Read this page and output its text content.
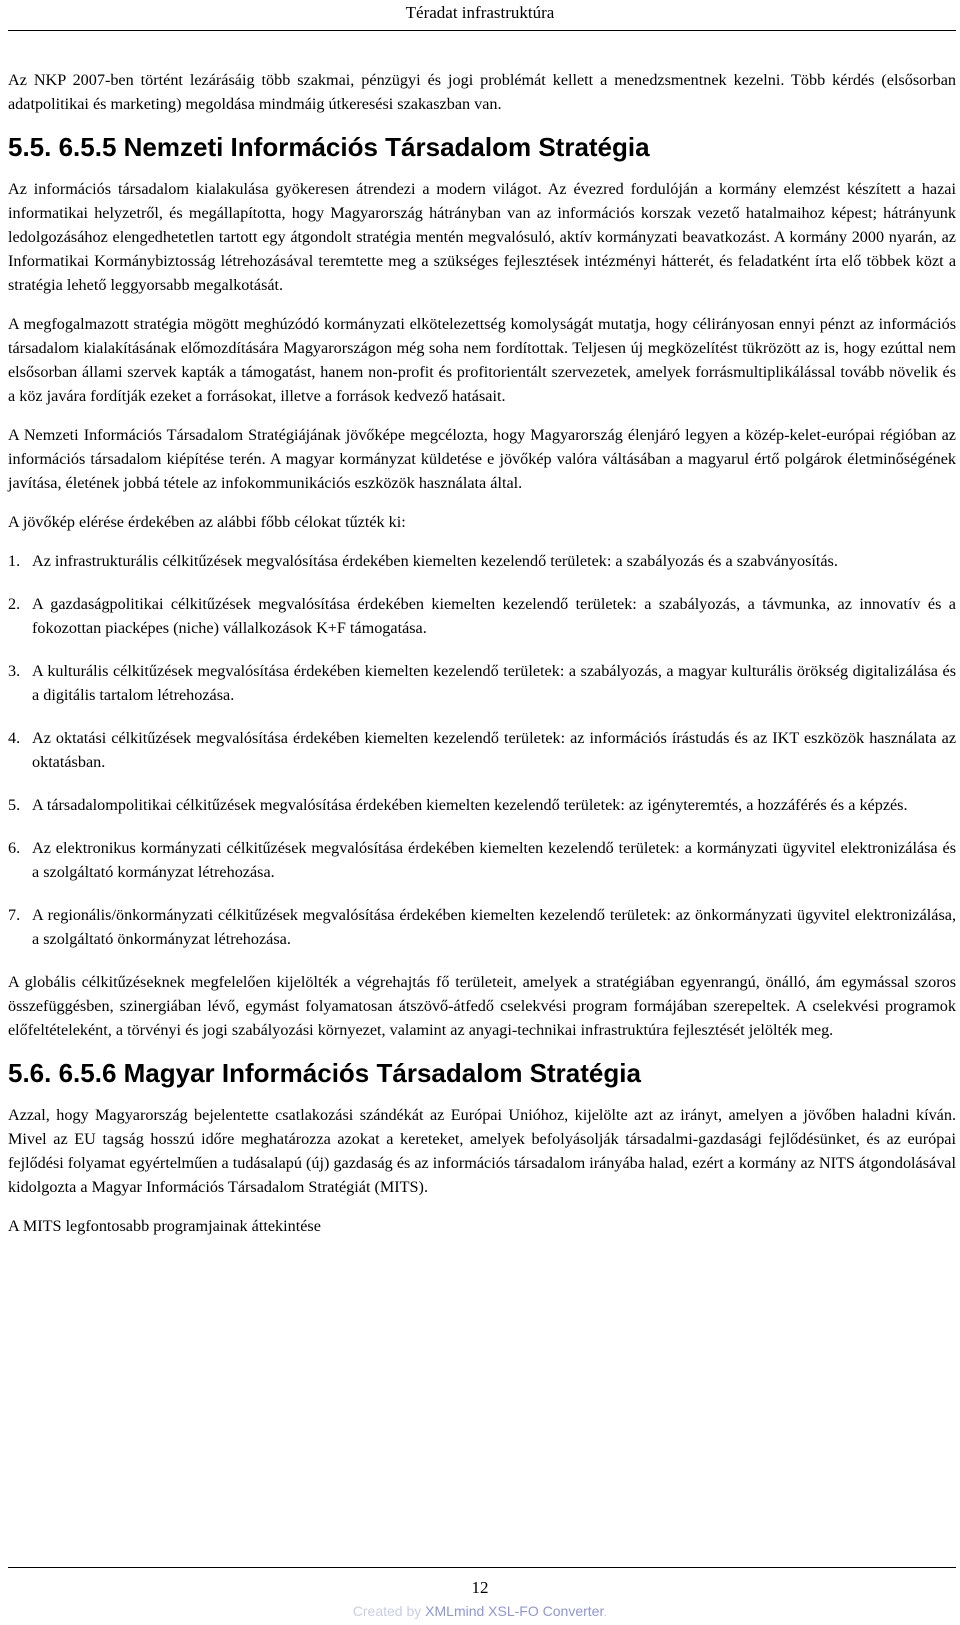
Téradat infrastruktúra

Az NKP 2007-ben történt lezárásáig több szakmai, pénzügyi és jogi problémát kellett a menedzsmentnek kezelni. Több kérdés (elsősorban adatpolitikai és marketing) megoldása mindmáig útkeresési szakaszban van.

5.5. 6.5.5 Nemzeti Információs Társadalom Stratégia

Az információs társadalom kialakulása gyökeresen átrendezi a modern világot. Az évezred fordulóján a kormány elemzést készített a hazai informatikai helyzetről, és megállapította, hogy Magyarország hátrányban van az információs korszak vezető hatalmaihoz képest; hátrányunk ledolgozásához elengedhetetlen tartott egy átgondolt stratégia mentén megvalósuló, aktív kormányzati beavatkozást. A kormány 2000 nyarán, az Informatikai Kormánybiztosság létrehozásával teremtette meg a szükséges fejlesztések intézményi hátterét, és feladatként írta elő többek közt a stratégia lehető leggyorsabb megalkotását.

A megfogalmazott stratégia mögött meghúzódó kormányzati elkötelezettség komolyságát mutatja, hogy célirányosan ennyi pénzt az információs társadalom kialakításának előmozdítására Magyarországon még soha nem fordítottak. Teljesen új megközelítést tükrözött az is, hogy ezúttal nem elsősorban állami szervek kapták a támogatást, hanem non-profit és profitorientált szervezetek, amelyek forrásmultiplikálással tovább növelik és a köz javára fordítják ezeket a forrásokat, illetve a források kedvező hatásait.

A Nemzeti Információs Társadalom Stratégiájának jövőképe megcélozta, hogy Magyarország élenjáró legyen a közép-kelet-európai régióban az információs társadalom kiépítése terén. A magyar kormányzat küldetése e jövőkép valóra váltásában a magyarul értő polgárok életminőségének javítása, életének jobbá tétele az infokommunikációs eszközök használata által.

A jövőkép elérése érdekében az alábbi főbb célokat tűzték ki:

1. Az infrastrukturális célkitűzések megvalósítása érdekében kiemelten kezelendő területek: a szabályozás és a szabványosítás.
2. A gazdaságpolitikai célkitűzések megvalósítása érdekében kiemelten kezelendő területek: a szabályozás, a távmunka, az innovatív és a fokozottan piacképes (niche) vállalkozások K+F támogatása.
3. A kulturális célkitűzések megvalósítása érdekében kiemelten kezelendő területek: a szabályozás, a magyar kulturális örökség digitalizálása és a digitális tartalom létrehozása.
4. Az oktatási célkitűzések megvalósítása érdekében kiemelten kezelendő területek: az információs írástudás és az IKT eszközök használata az oktatásban.
5. A társadalompolitikai célkitűzések megvalósítása érdekében kiemelten kezelendő területek: az igényteremtés, a hozzáférés és a képzés.
6. Az elektronikus kormányzati célkitűzések megvalósítása érdekében kiemelten kezelendő területek: a kormányzati ügyvitel elektronizálása és a szolgáltató kormányzat létrehozása.
7. A regionális/önkormányzati célkitűzések megvalósítása érdekében kiemelten kezelendő területek: az önkormányzati ügyvitel elektronizálása, a szolgáltató önkormányzat létrehozása.

A globális célkitűzéseknek megfelelően kijelölték a végrehajtás fő területeit, amelyek a stratégiában egyenrangú, önálló, ám egymással szoros összefüggésben, szinergiában lévő, egymást folyamatosan átszövő-átfedő cselekvési program formájában szerepeltek. A cselekvési programok előfeltételeként, a törvényi és jogi szabályozási környezet, valamint az anyagi-technikai infrastruktúra fejlesztését jelölték meg.

5.6. 6.5.6 Magyar Információs Társadalom Stratégia

Azzal, hogy Magyarország bejelentette csatlakozási szándékát az Európai Unióhoz, kijelölte azt az irányt, amelyen a jövőben haladni kíván. Mivel az EU tagság hosszú időre meghatározza azokat a kereteket, amelyek befolyásolják társadalmi-gazdasági fejlődésünket, és az európai fejlődési folyamat egyértelműen a tudásalapú (új) gazdaság és az információs társadalom irányába halad, ezért a kormány az NITS átgondolásával kidolgozta a Magyar Információs Társadalom Stratégiát (MITS).

A MITS legfontosabb programjainak áttekintése

12
Created by XMLmind XSL-FO Converter.
